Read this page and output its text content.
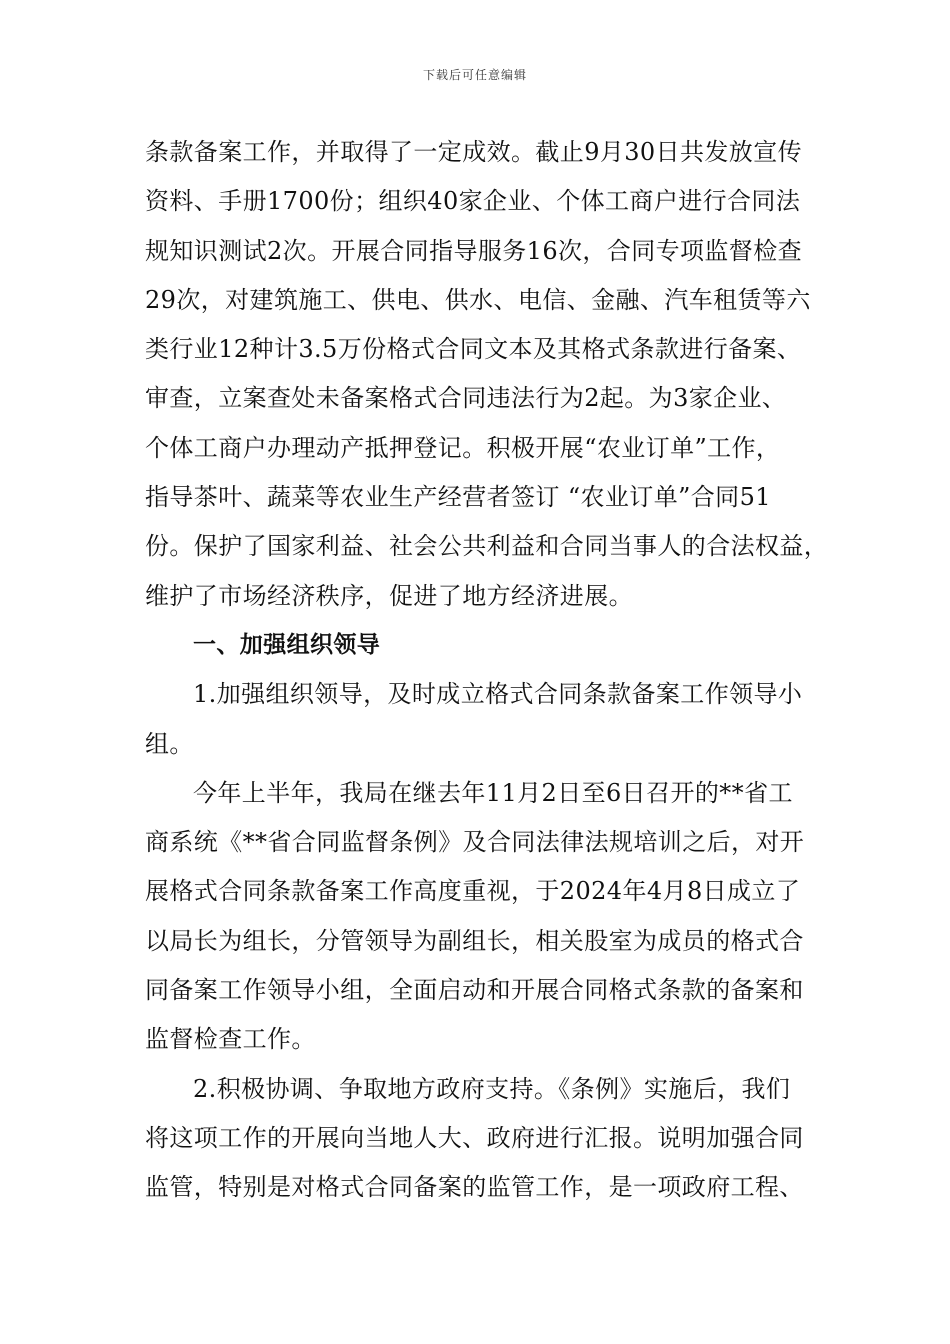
下载后可任意编辑
条款备案工作，并取得了一定成效。截止9月30日共发放宣传
资料、手册1700份；组织40家企业、个体工商户进行合同法
规知识测试2次。开展合同指导服务16次，合同专项监督检查
29次，对建筑施工、供电、供水、电信、金融、汽车租赁等六
类行业12种计3.5万份格式合同文本及其格式条款进行备案、
审查，立案查处未备案格式合同违法行为2起。为3家企业、
个体工商户办理动产抵押登记。积极开展“农业订单”工作，
指导茶叶、蔬菜等农业生产经营者签订 “农业订单”合同51
份。保护了国家利益、社会公共利益和合同当事人的合法权益，
维护了市场经济秩序，促进了地方经济进展。
一、加强组织领导
1.加强组织领导，及时成立格式合同条款备案工作领导小
组。
今年上半年，我局在继去年11月2日至6日召开的**省工
商系统《**省合同监督条例》及合同法律法规培训之后，对开
展格式合同条款备案工作高度重视，于2024年4月8日成立了
以局长为组长，分管领导为副组长，相关股室为成员的格式合
同备案工作领导小组，全面启动和开展合同格式条款的备案和
监督检查工作。
2.积极协调、争取地方政府支持。《条例》实施后，我们
将这项工作的开展向当地人大、政府进行汇报。说明加强合同
监管，特别是对格式合同备案的监管工作，是一项政府工程、
